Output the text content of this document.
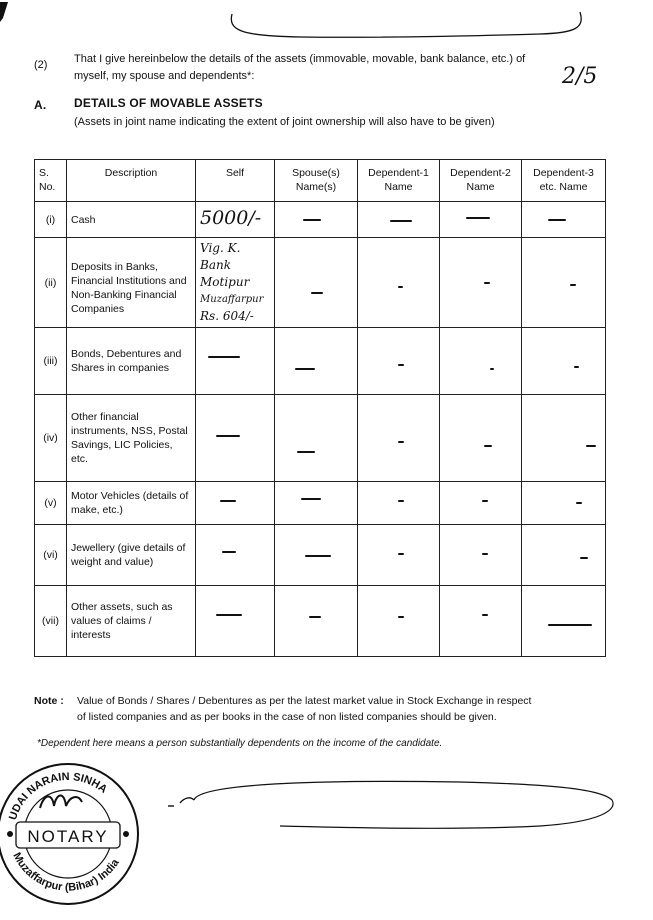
(2) That I give hereinbelow the details of the assets (immovable, movable, bank balance, etc.) of
myself, my spouse and dependents*:	2/5
A. DETAILS OF MOVABLE ASSETS
(Assets in joint name indicating the extent of joint ownership will also have to be given)
S. No.	Description	Self	Spouse(s) Name(s)	Dependent-1 Name	Dependent-2 Name	Dependent-3 etc. Name
(i)	Cash	5000/-	

(ii)	Deposits in Banks, Financial Institutions and Non-Banking Financial Companies	Vig. K. Bank
Motipur
Muzaffarpur
Rs. 604/-				

(iii)	Bonds, Debentures and Shares in companies	

(iv)	Other financial instruments, NSS, Postal Savings, LIC Policies, etc.	

(v)	Motor Vehicles (details of make, etc.)	

(vi)	Jewellery (give details of weight and value)	

(vii)	Other assets, such as values of claims / interests	

Note : Value of Bonds / Shares / Debentures as per the latest market value in Stock Exchange in respect
of listed companies and as per books in the case of non listed companies should be given.
*Dependent here means a person substantially dependents on the income of the candidate.
NOTARY
UDAI NARAIN SINHA
Muzaffarpur (Bihar) India
